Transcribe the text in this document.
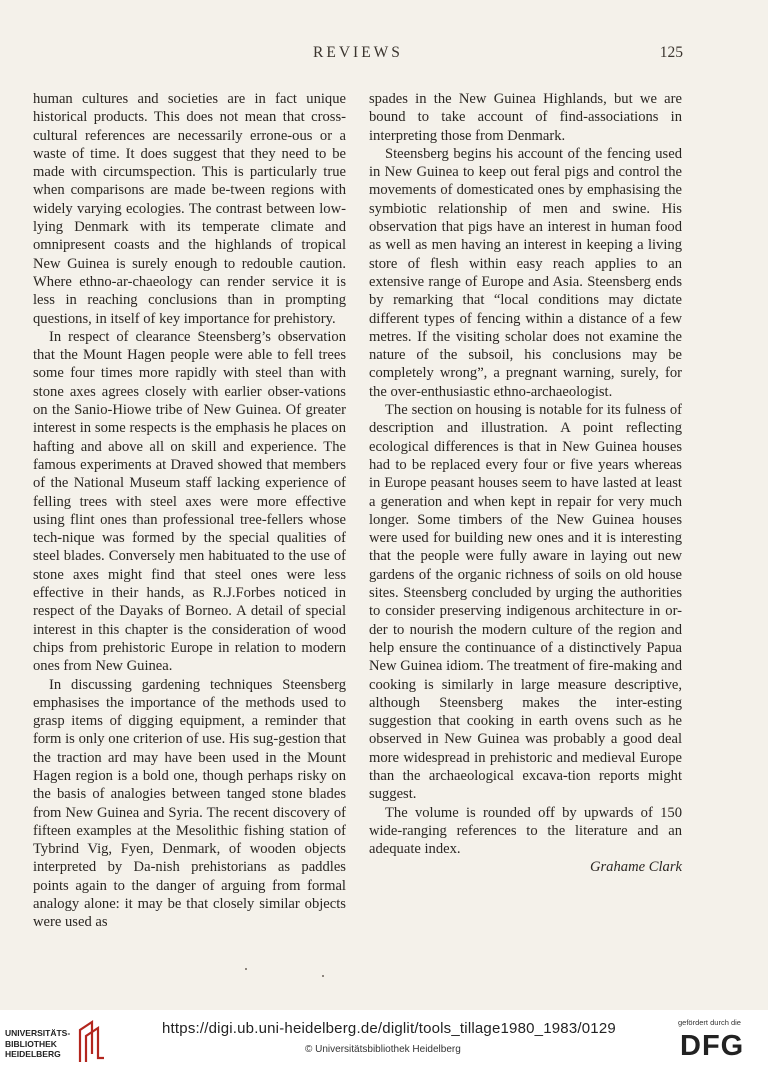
REVIEWS	125

human cultures and societies are in fact unique historical products. This does not mean that cross-cultural references are necessarily errone-ous or a waste of time. It does suggest that they need to be made with circumspection. This is particularly true when comparisons are made be-tween regions with widely varying ecologies. The contrast between low-lying Denmark with its temperate climate and omnipresent coasts and the highlands of tropical New Guinea is surely enough to redouble caution. Where ethno-ar-chaeology can render service it is less in reaching conclusions than in prompting questions, in itself of key importance for prehistory.

In respect of clearance Steensberg’s observation that the Mount Hagen people were able to fell trees some four times more rapidly with steel than with stone axes agrees closely with earlier obser-vations on the Sanio-Hiowe tribe of New Guinea. Of greater interest in some respects is the emphasis he places on hafting and above all on skill and experience. The famous experiments at Draved showed that members of the National Museum staff lacking experience of felling trees with steel axes were more effective using flint ones than professional tree-fellers whose tech-nique was formed by the special qualities of steel blades. Conversely men habituated to the use of stone axes might find that steel ones were less effective in their hands, as R.J.Forbes noticed in respect of the Dayaks of Borneo. A detail of special interest in this chapter is the consideration of wood chips from prehistoric Europe in relation to modern ones from New Guinea.

In discussing gardening techniques Steensberg emphasises the importance of the methods used to grasp items of digging equipment, a reminder that form is only one criterion of use. His sug-gestion that the traction ard may have been used in the Mount Hagen region is a bold one, though perhaps risky on the basis of analogies between tanged stone blades from New Guinea and Syria. The recent discovery of fifteen examples at the Mesolithic fishing station of Tybrind Vig, Fyen, Denmark, of wooden objects interpreted by Da-nish prehistorians as paddles points again to the danger of arguing from formal analogy alone: it may be that closely similar objects were used as

spades in the New Guinea Highlands, but we are bound to take account of find-associations in interpreting those from Denmark.

Steensberg begins his account of the fencing used in New Guinea to keep out feral pigs and control the movements of domesticated ones by emphasising the symbiotic relationship of men and swine. His observation that pigs have an interest in human food as well as men having an interest in keeping a living store of flesh within easy reach applies to an extensive range of Europe and Asia. Steensberg ends by remarking that “local conditions may dictate different types of fencing within a distance of a few metres. If the visiting scholar does not examine the nature of the subsoil, his conclusions may be completely wrong”, a pregnant warning, surely, for the over-enthusiastic ethno-archaeologist.

The section on housing is notable for its fulness of description and illustration. A point reflecting ecological differences is that in New Guinea houses had to be replaced every four or five years whereas in Europe peasant houses seem to have lasted at least a generation and when kept in repair for very much longer. Some timbers of the New Guinea houses were used for building new ones and it is interesting that the people were fully aware in laying out new gardens of the organic richness of soils on old house sites. Steensberg concluded by urging the authorities to consider preserving indigenous architecture in or-der to nourish the modern culture of the region and help ensure the continuance of a distinctively Papua New Guinea idiom. The treatment of fire-making and cooking is similarly in large measure descriptive, although Steensberg makes the inter-esting suggestion that cooking in earth ovens such as he observed in New Guinea was probably a good deal more widespread in prehistoric and medieval Europe than the archaeological excava-tion reports might suggest.

The volume is rounded off by upwards of 150 wide-ranging references to the literature and an adequate index.

Grahame Clark

UNIVERSITÄTS-
BIBLIOTHEK
HEIDELBERG
https://digi.ub.uni-heidelberg.de/diglit/tools_tillage1980_1983/0129
© Universitätsbibliothek Heidelberg
gefördert durch die
DFG
